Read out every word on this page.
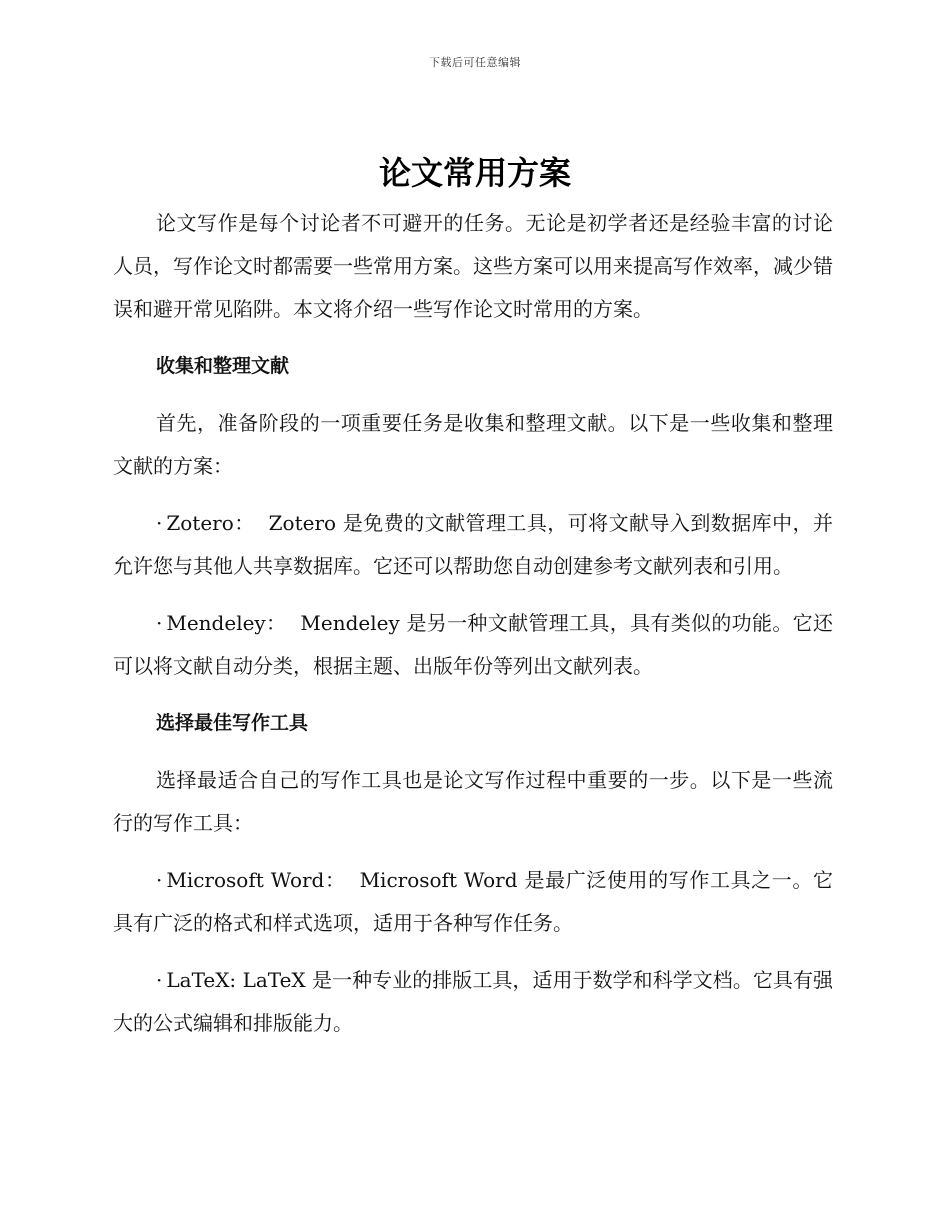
下载后可任意编辑
论文常用方案

论文写作是每个讨论者不可避开的任务。无论是初学者还是经验丰富的讨论人员，写作论文时都需要一些常用方案。这些方案可以用来提高写作效率，减少错误和避开常见陷阱。本文将介绍一些写作论文时常用的方案。

收集和整理文献

首先，准备阶段的一项重要任务是收集和整理文献。以下是一些收集和整理文献的方案：

· Zotero： Zotero 是免费的文献管理工具，可将文献导入到数据库中，并允许您与其他人共享数据库。它还可以帮助您自动创建参考文献列表和引用。

· Mendeley： Mendeley 是另一种文献管理工具，具有类似的功能。它还可以将文献自动分类，根据主题、出版年份等列出文献列表。

选择最佳写作工具

选择最适合自己的写作工具也是论文写作过程中重要的一步。以下是一些流行的写作工具：

· Microsoft Word： Microsoft Word 是最广泛使用的写作工具之一。它具有广泛的格式和样式选项，适用于各种写作任务。

· LaTeX: LaTeX 是一种专业的排版工具，适用于数学和科学文档。它具有强大的公式编辑和排版能力。
